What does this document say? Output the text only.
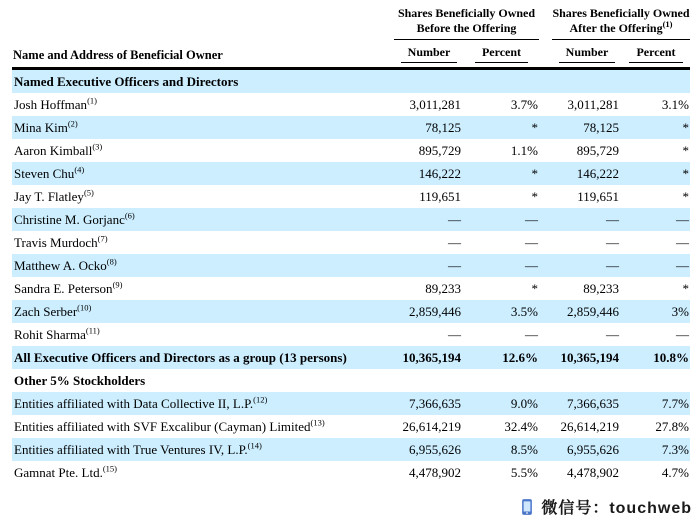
	Shares Beneficially Owned
Before the Offering			Shares Beneficially Owned
After the Offering$^{(1)}$
Name and Address of Beneficial Owner	Number	Percent		Number	Percent
Named Executive Officers and Directors					
Josh Hoffman$^{(1)}$	3,011,281	3.7%		3,011,281	3.1%
Mina Kim$^{(2)}$	78,125	*		78,125	*
Aaron Kimball$^{(3)}$	895,729	1.1%		895,729	*
Steven Chu$^{(4)}$	146,222	*		146,222	*
Jay T. Flatley$^{(5)}$	119,651	*		119,651	*
Christine M. Gorjanc$^{(6)}$	—	—		—	—
Travis Murdoch$^{(7)}$	—	—		—	—
Matthew A. Ocko$^{(8)}$	—	—		—	—
Sandra E. Peterson$^{(9)}$	89,233	*		89,233	*
Zach Serber$^{(10)}$	2,859,446	3.5%		2,859,446	3%
Rohit Sharma$^{(11)}$	—	—		—	—
All Executive Officers and Directors as a group (13 persons)	10,365,194	12.6%		10,365,194	10.8%
Other 5% Stockholders					
Entities affiliated with Data Collective II, L.P.$^{(12)}$	7,366,635	9.0%		7,366,635	7.7%
Entities affiliated with SVF Excalibur (Cayman) Limited$^{(13)}$	26,614,219	32.4%		26,614,219	27.8%
Entities affiliated with True Ventures IV, L.P.$^{(14)}$	6,955,626	8.5%		6,955,626	7.3%
Gamnat Pte. Ltd.$^{(15)}$	4,478,902	5.5%		4,478,902	4.7%
微信号：touchweb
